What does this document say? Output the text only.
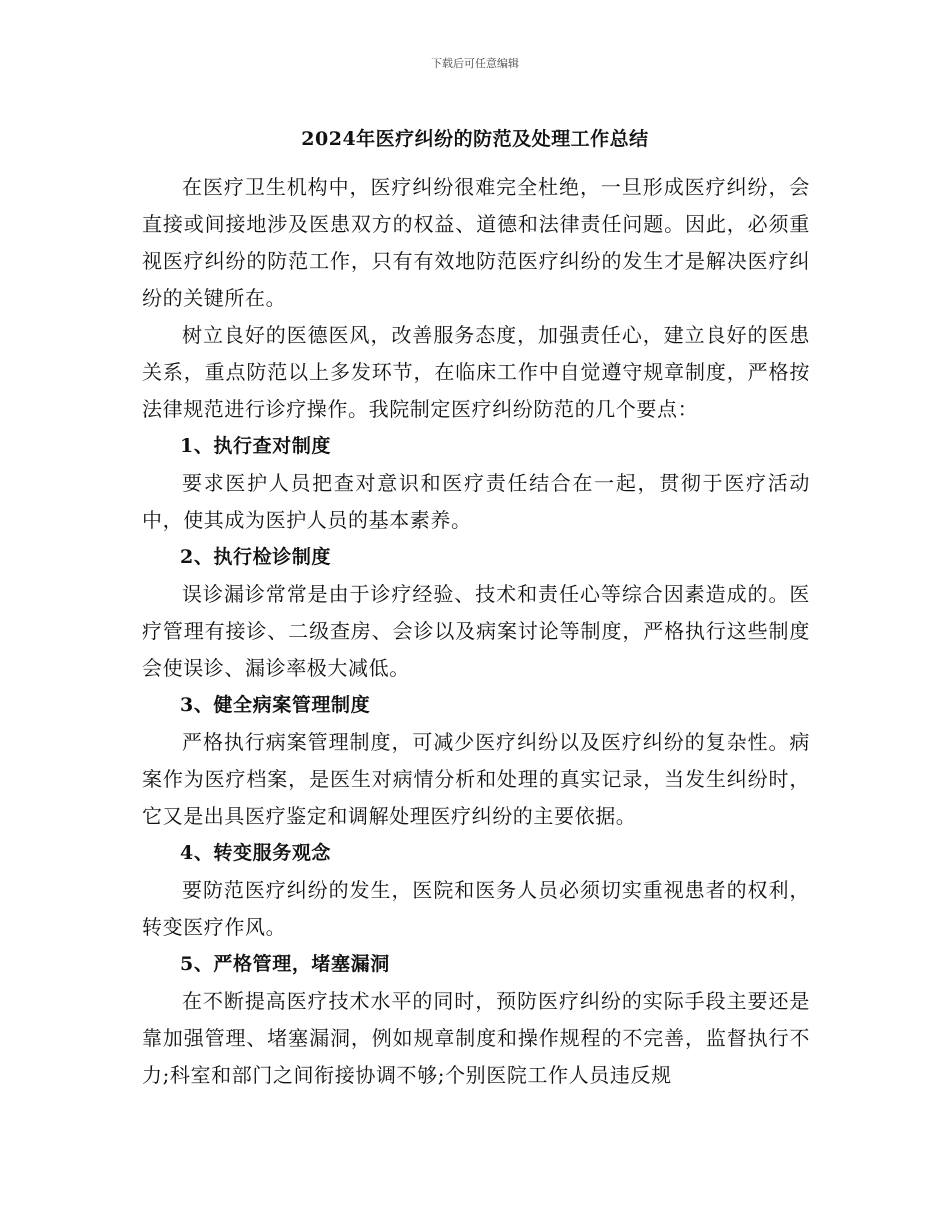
下载后可任意编辑
2024年医疗纠纷的防范及处理工作总结

在医疗卫生机构中，医疗纠纷很难完全杜绝，一旦形成医疗纠纷，会直接或间接地涉及医患双方的权益、道德和法律责任问题。因此，必须重视医疗纠纷的防范工作，只有有效地防范医疗纠纷的发生才是解决医疗纠纷的关键所在。

树立良好的医德医风，改善服务态度，加强责任心，建立良好的医患关系，重点防范以上多发环节，在临床工作中自觉遵守规章制度，严格按法律规范进行诊疗操作。我院制定医疗纠纷防范的几个要点：

1、执行查对制度

要求医护人员把查对意识和医疗责任结合在一起，贯彻于医疗活动中，使其成为医护人员的基本素养。

2、执行检诊制度

误诊漏诊常常是由于诊疗经验、技术和责任心等综合因素造成的。医疗管理有接诊、二级查房、会诊以及病案讨论等制度，严格执行这些制度会使误诊、漏诊率极大减低。

3、健全病案管理制度

严格执行病案管理制度，可减少医疗纠纷以及医疗纠纷的复杂性。病案作为医疗档案，是医生对病情分析和处理的真实记录，当发生纠纷时，它又是出具医疗鉴定和调解处理医疗纠纷的主要依据。

4、转变服务观念

要防范医疗纠纷的发生，医院和医务人员必须切实重视患者的权利，转变医疗作风。

5、严格管理，堵塞漏洞

在不断提高医疗技术水平的同时，预防医疗纠纷的实际手段主要还是靠加强管理、堵塞漏洞，例如规章制度和操作规程的不完善，监督执行不力;科室和部门之间衔接协调不够;个别医院工作人员违反规
